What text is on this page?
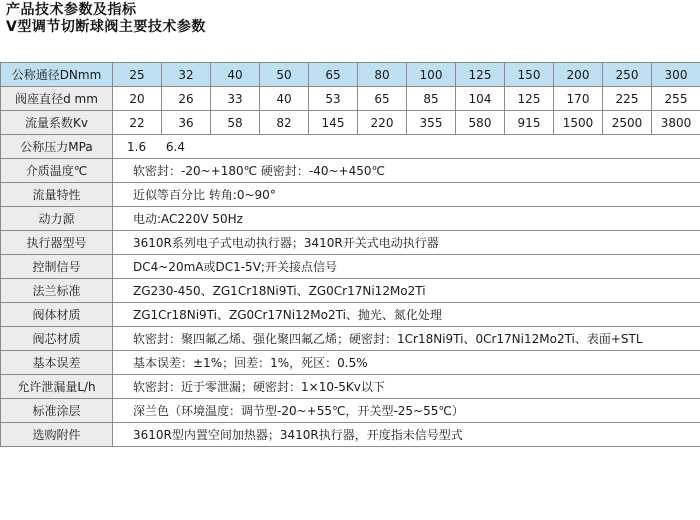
产品技术参数及指标
V型调节切断球阀主要技术参数
公称通径DNmm	25	32	40	50	65	80	100	125	150	200	250	300
阀座直径d mm	20	26	33	40	53	65	85	104	125	170	225	255
流量系数Kv	22	36	58	82	145	220	355	580	915	1500	2500	3800
公称压力MPa	1.6 6.4											
介质温度℃	软密封：-20~+180℃ 硬密封：-40~+450℃											
流量特性	近似等百分比 转角:0~90°											
动力源	电动:AC220V 50Hz											
执行器型号	3610R系列电子式电动执行器；3410R开关式电动执行器											
控制信号	DC4~20mA或DC1-5V;开关接点信号											
法兰标准	ZG230-450、ZG1Cr18Ni9Ti、ZG0Cr17Ni12Mo2Ti											
阀体材质	ZG1Cr18Ni9Ti、ZG0Cr17Ni12Mo2Ti、抛光、氮化处理											
阀芯材质	软密封：聚四氟乙烯、强化聚四氟乙烯；硬密封：1Cr18Ni9Ti、0Cr17Ni12Mo2Ti、表面+STL											
基本误差	基本误差：±1%；回差：1%，死区：0.5%											
允许泄漏量L/h	软密封：近于零泄漏；硬密封：1×10-5Kv以下											
标准涂层	深兰色（环境温度：调节型-20~+55℃，开关型-25~55℃）											
选购附件	3610R型内置空间加热器；3410R执行器，开度指未信号型式											
